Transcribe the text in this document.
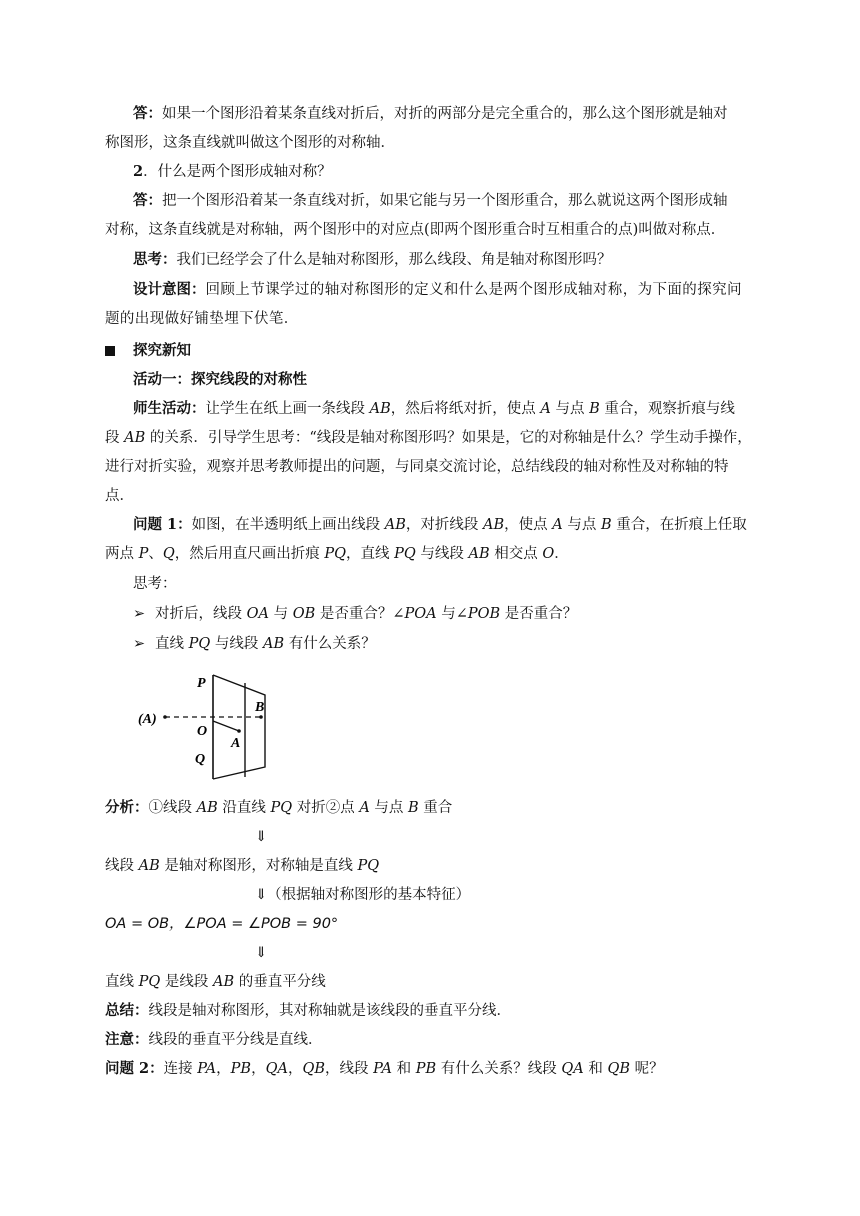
答：如果一个图形沿着某条直线对折后，对折的两部分是完全重合的，那么这个图形就是轴对
称图形，这条直线就叫做这个图形的对称轴．
2．什么是两个图形成轴对称？
答：把一个图形沿着某一条直线对折，如果它能与另一个图形重合，那么就说这两个图形成轴
对称，这条直线就是对称轴，两个图形中的对应点(即两个图形重合时互相重合的点)叫做对称点．
思考：我们已经学会了什么是轴对称图形，那么线段、角是轴对称图形吗？
设计意图：回顾上节课学过的轴对称图形的定义和什么是两个图形成轴对称，为下面的探究问
题的出现做好铺垫埋下伏笔．
探究新知
活动一：探究线段的对称性
师生活动：让学生在纸上画一条线段 AB，然后将纸对折，使点 A 与点 B 重合，观察折痕与线
段 AB 的关系．引导学生思考：“线段是轴对称图形吗？如果是，它的对称轴是什么？学生动手操作，
进行对折实验，观察并思考教师提出的问题，与同桌交流讨论，总结线段的轴对称性及对称轴的特
点．
问题 1：如图，在半透明纸上画出线段 AB，对折线段 AB，使点 A 与点 B 重合，在折痕上任取
两点 P、Q，然后用直尺画出折痕 PQ，直线 PQ 与线段 AB 相交点 O．
思考：
➢ 对折后，线段 OA 与 OB 是否重合？∠POA 与∠POB 是否重合？
➢ 直线 PQ 与线段 AB 有什么关系？
P
B
(A)
O
A
Q
分析：①线段 AB 沿直线 PQ 对折②点 A 与点 B 重合
⇓
线段 AB 是轴对称图形，对称轴是直线 PQ
⇓（根据轴对称图形的基本特征）
OA = OB，∠POA = ∠POB = 90°
⇓
直线 PQ 是线段 AB 的垂直平分线
总结：线段是轴对称图形，其对称轴就是该线段的垂直平分线．
注意：线段的垂直平分线是直线．
问题 2：连接 PA，PB，QA，QB，线段 PA 和 PB 有什么关系？线段 QA 和 QB 呢？
